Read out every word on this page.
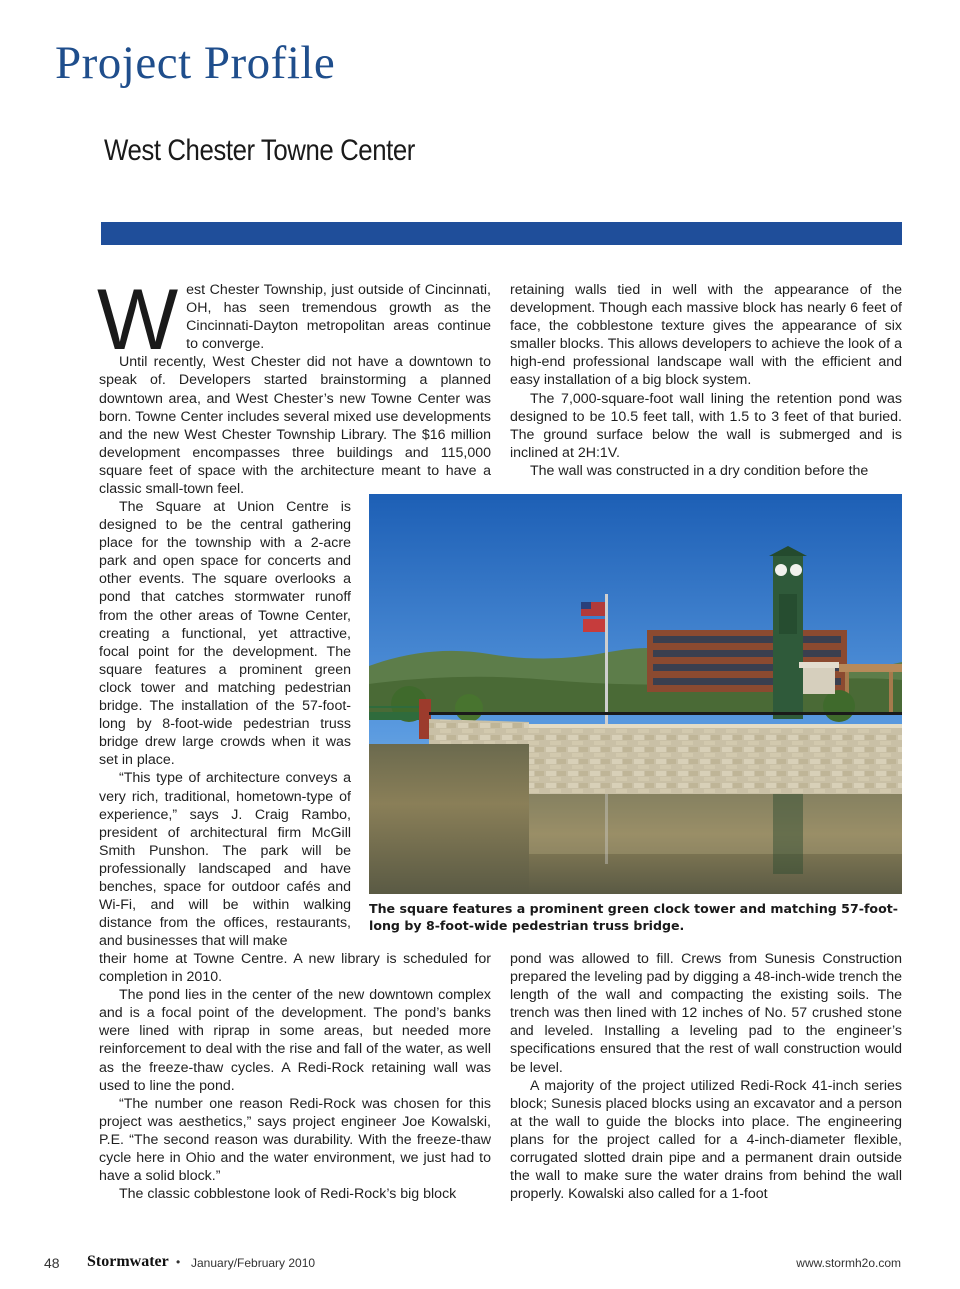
Project Profile
West Chester Towne Center

West Chester Township, just outside of Cincinnati, OH, has seen tremendous growth as the Cincinnati-Dayton metropolitan areas continue to converge.

Until recently, West Chester did not have a downtown to speak of. Developers started brainstorming a planned downtown area, and West Chester’s new Towne Center was born. Towne Center includes several mixed use developments and the new West Chester Township Library. The $16 million development encompasses three buildings and 115,000 square feet of space with the architecture meant to have a classic small-town feel.

The Square at Union Centre is designed to be the central gathering place for the township with a 2-acre park and open space for concerts and other events. The square overlooks a pond that catches stormwater runoff from the other areas of Towne Center, creating a functional, yet attractive, focal point for the development. The square features a prominent green clock tower and matching pedestrian bridge. The installation of the 57-foot-long by 8-foot-wide pedestrian truss bridge drew large crowds when it was set in place.

“This type of architecture conveys a very rich, traditional, hometown-type of experience,” says J. Craig Rambo, president of architectural firm McGill Smith Punshon. The park will be professionally landscaped and have benches, space for outdoor cafés and Wi-Fi, and will be within walking distance from the offices, restaurants, and businesses that will make

their home at Towne Centre. A new library is scheduled for completion in 2010.

The pond lies in the center of the new downtown complex and is a focal point of the development. The pond’s banks were lined with riprap in some areas, but needed more reinforcement to deal with the rise and fall of the water, as well as the freeze-thaw cycles. A Redi-Rock retaining wall was used to line the pond.

“The number one reason Redi-Rock was chosen for this project was aesthetics,” says project engineer Joe Kowalski, P.E. “The second reason was durability. With the freeze-thaw cycle here in Ohio and the water environment, we just had to have a solid block.”

The classic cobblestone look of Redi-Rock’s big block

retaining walls tied in well with the appearance of the development. Though each massive block has nearly 6 feet of face, the cobblestone texture gives the appearance of six smaller blocks. This allows developers to achieve the look of a high-end professional landscape wall with the efficient and easy installation of a big block system.

The 7,000-square-foot wall lining the retention pond was designed to be 10.5 feet tall, with 1.5 to 3 feet of that buried. The ground surface below the wall is submerged and is inclined at 2H:1V.

The wall was constructed in a dry condition before the

The square features a prominent green clock tower and matching 57-foot-long by 8-foot-wide pedestrian truss bridge.

pond was allowed to fill. Crews from Sunesis Construction prepared the leveling pad by digging a 48-inch-wide trench the length of the wall and compacting the existing soils. The trench was then lined with 12 inches of No. 57 crushed stone and leveled. Installing a leveling pad to the engineer’s specifications ensured that the rest of wall construction would be level.

A majority of the project utilized Redi-Rock 41-inch series block; Sunesis placed blocks using an excavator and a person at the wall to guide the blocks into place. The engineering plans for the project called for a 4-inch-diameter flexible, corrugated slotted drain pipe and a permanent drain outside the wall to make sure the water drains from behind the wall properly. Kowalski also called for a 1-foot

48 Stormwater • January/February 2010	www.stormh2o.com
